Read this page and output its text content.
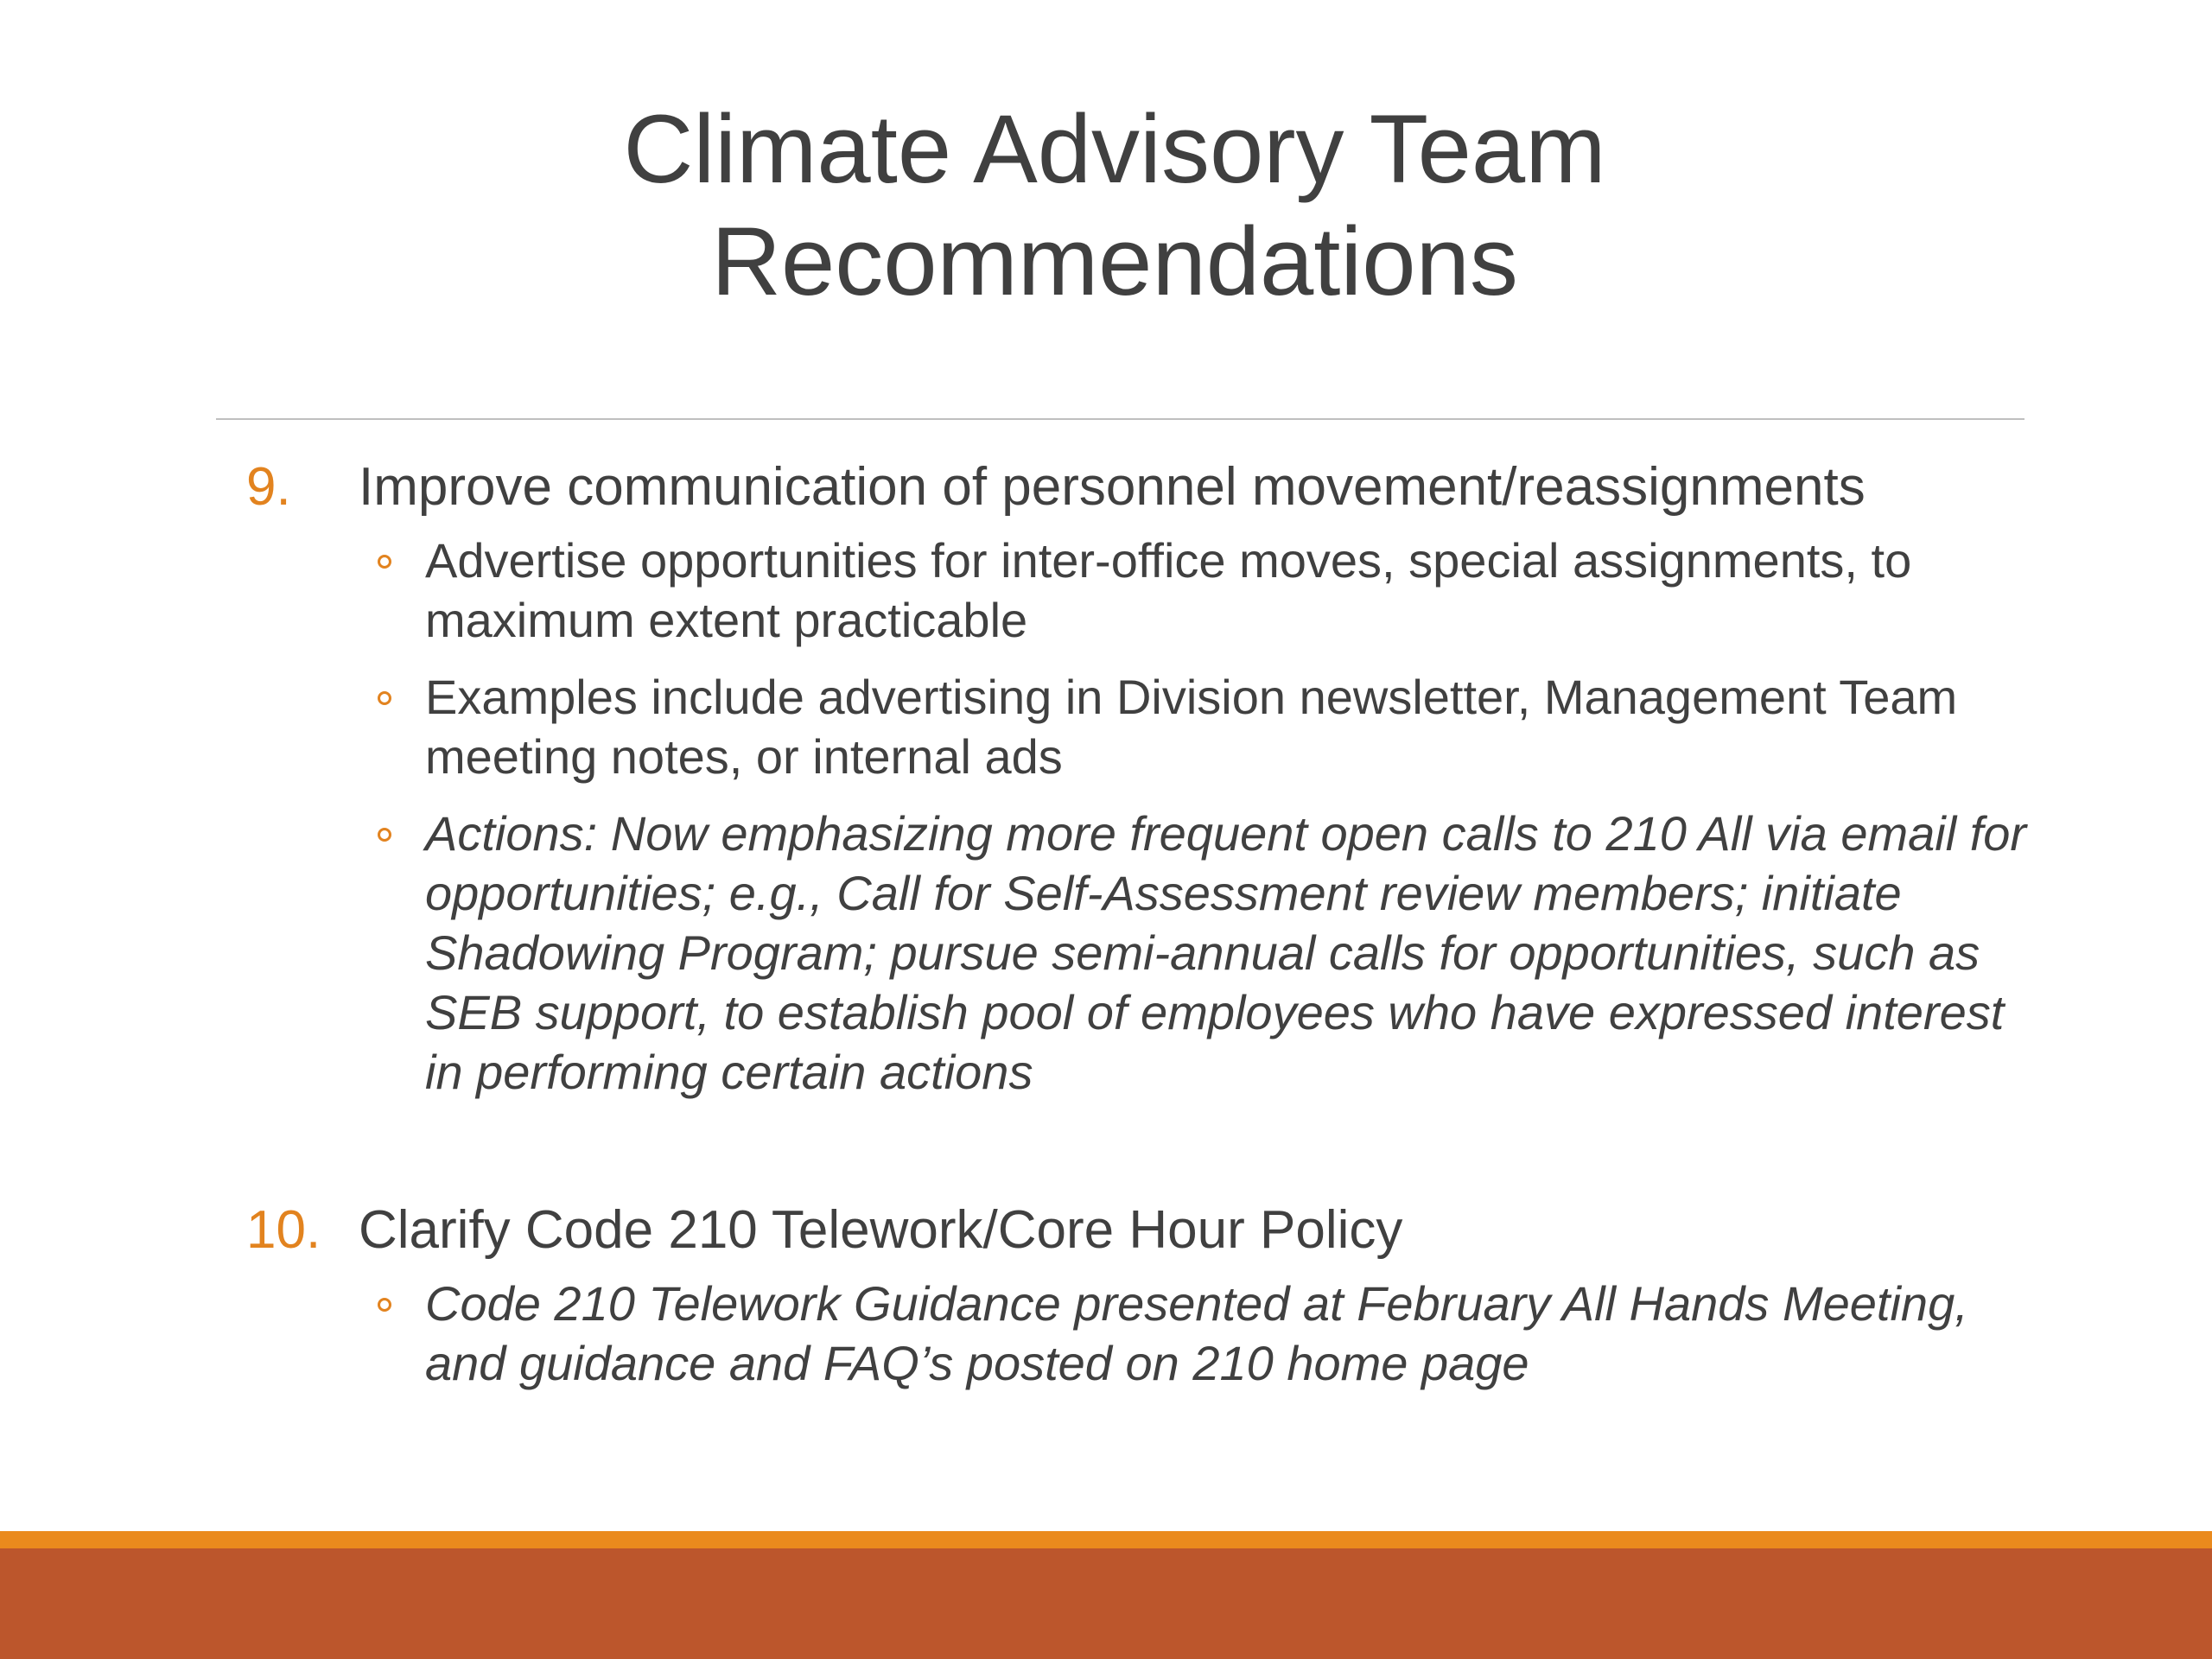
Climate Advisory Team
Recommendations
9. Improve communication of personnel movement/reassignments
Advertise opportunities for inter-office moves, special assignments, to maximum extent practicable
Examples include advertising in Division newsletter, Management Team meeting notes, or internal ads
Actions: Now emphasizing more frequent open calls to 210 All via email for opportunities; e.g., Call for Self-Assessment review members; initiate Shadowing Program; pursue semi-annual calls for opportunities, such as SEB support, to establish pool of employees who have expressed interest in performing certain actions
10. Clarify Code 210 Telework/Core Hour Policy
Code 210 Telework Guidance presented at February All Hands Meeting, and guidance and FAQ’s posted on 210 home page
